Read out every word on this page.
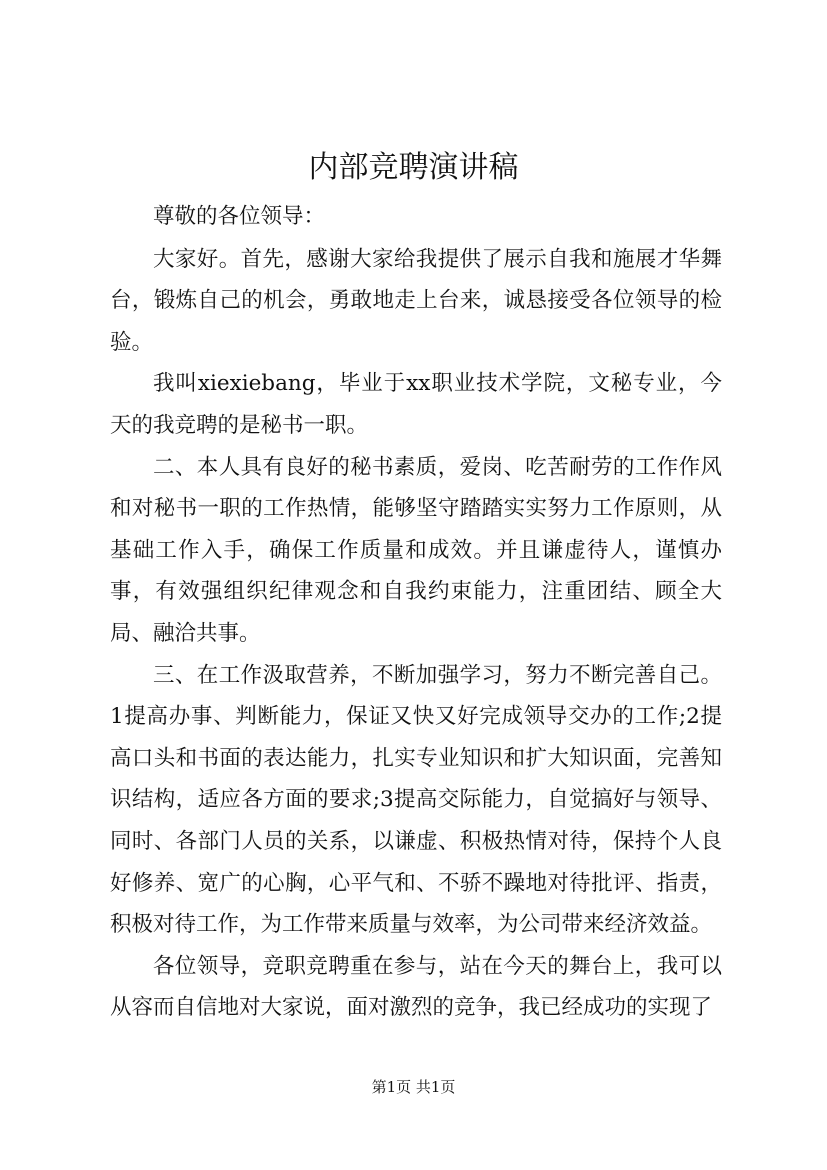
内部竞聘演讲稿

尊敬的各位领导：

大家好。首先，感谢大家给我提供了展示自我和施展才华舞台，锻炼自己的机会，勇敢地走上台来，诚恳接受各位领导的检验。

我叫xiexiebang，毕业于xx职业技术学院，文秘专业，今天的我竞聘的是秘书一职。

二、本人具有良好的秘书素质，爱岗、吃苦耐劳的工作作风和对秘书一职的工作热情，能够坚守踏踏实实努力工作原则，从基础工作入手，确保工作质量和成效。并且谦虚待人，谨慎办事，有效强组织纪律观念和自我约束能力，注重团结、顾全大局、融洽共事。

三、在工作汲取营养，不断加强学习，努力不断完善自己。1提高办事、判断能力，保证又快又好完成领导交办的工作;2提高口头和书面的表达能力，扎实专业知识和扩大知识面，完善知识结构，适应各方面的要求;3提高交际能力，自觉搞好与领导、同时、各部门人员的关系，以谦虚、积极热情对待，保持个人良好修养、宽广的心胸，心平气和、不骄不躁地对待批评、指责，积极对待工作，为工作带来质量与效率，为公司带来经济效益。

各位领导，竞职竞聘重在参与，站在今天的舞台上，我可以从容而自信地对大家说，面对激烈的竞争，我已经成功的实现了

第1页 共1页
